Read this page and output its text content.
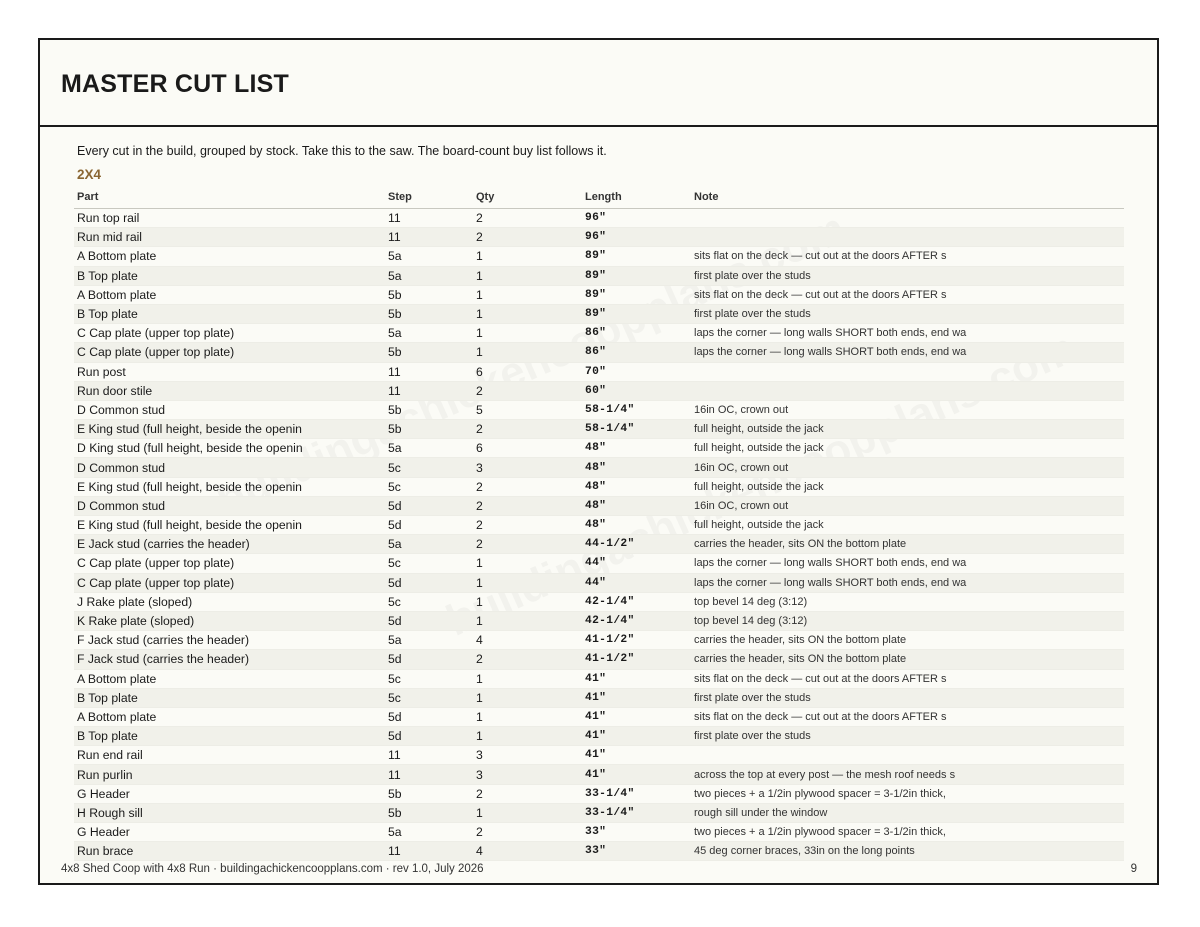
MASTER CUT LIST
Every cut in the build, grouped by stock. Take this to the saw. The board-count buy list follows it.
2X4
Part	Step	Qty	Length	Note
Run top rail	11	2	96"	
Run mid rail	11	2	96"	
A Bottom plate	5a	1	89"	sits flat on the deck — cut out at the doors AFTER s
B Top plate	5a	1	89"	first plate over the studs
A Bottom plate	5b	1	89"	sits flat on the deck — cut out at the doors AFTER s
B Top plate	5b	1	89"	first plate over the studs
C Cap plate (upper top plate)	5a	1	86"	laps the corner — long walls SHORT both ends, end wa
C Cap plate (upper top plate)	5b	1	86"	laps the corner — long walls SHORT both ends, end wa
Run post	11	6	70"	
Run door stile	11	2	60"	
D Common stud	5b	5	58-1/4"	16in OC, crown out
E King stud (full height, beside the openin	5b	2	58-1/4"	full height, outside the jack
D King stud (full height, beside the openin	5a	6	48"	full height, outside the jack
D Common stud	5c	3	48"	16in OC, crown out
E King stud (full height, beside the openin	5c	2	48"	full height, outside the jack
D Common stud	5d	2	48"	16in OC, crown out
E King stud (full height, beside the openin	5d	2	48"	full height, outside the jack
E Jack stud (carries the header)	5a	2	44-1/2"	carries the header, sits ON the bottom plate
C Cap plate (upper top plate)	5c	1	44"	laps the corner — long walls SHORT both ends, end wa
C Cap plate (upper top plate)	5d	1	44"	laps the corner — long walls SHORT both ends, end wa
J Rake plate (sloped)	5c	1	42-1/4"	top bevel 14 deg (3:12)
K Rake plate (sloped)	5d	1	42-1/4"	top bevel 14 deg (3:12)
F Jack stud (carries the header)	5a	4	41-1/2"	carries the header, sits ON the bottom plate
F Jack stud (carries the header)	5d	2	41-1/2"	carries the header, sits ON the bottom plate
A Bottom plate	5c	1	41"	sits flat on the deck — cut out at the doors AFTER s
B Top plate	5c	1	41"	first plate over the studs
A Bottom plate	5d	1	41"	sits flat on the deck — cut out at the doors AFTER s
B Top plate	5d	1	41"	first plate over the studs
Run end rail	11	3	41"	
Run purlin	11	3	41"	across the top at every post — the mesh roof needs s
G Header	5b	2	33-1/4"	two pieces + a 1/2in plywood spacer = 3-1/2in thick,
H Rough sill	5b	1	33-1/4"	rough sill under the window
G Header	5a	2	33"	two pieces + a 1/2in plywood spacer = 3-1/2in thick,
Run brace	11	4	33"	45 deg corner braces, 33in on the long points
4x8 Shed Coop with 4x8 Run · buildingachickencoopplans.com · rev 1.0, July 2026	9
